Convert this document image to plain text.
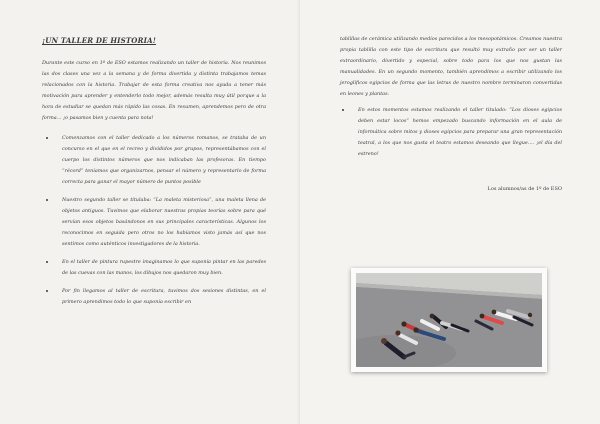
¡UN TALLER DE HISTORIA!

Durante este curso en 1º de ESO estamos realizando un taller de historia. Nos reunimos las dos clases una vez a la semana y de forma divertida y distinta trabajamos temas relacionados con la historia. Trabajar de esta forma creativa nos ayuda a tener más motivación para aprender y entenderlo todo mejor, además resulta muy útil porque a la hora de estudiar se quedan más rápido las cosas. En resumen, aprendemos pero de otra forma… ¡o pasamos bien y cuenta para nota!

• Comenzamos con el taller dedicado a los números romanos, se trataba de un concurso en el que en el recreo y divididos por grupos, representábamos con el cuerpo los distintos números que nos indicaban las profesoras. En tiempo “récord” teníamos que organizarnos, pensar el número y representarlo de forma correcta para ganar el mayor número de puntos posible
• Nuestro segundo taller se titulaba: “La maleta misteriosa”, una maleta llena de objetos antiguos. Tuvimos que elaborar nuestras propias teorías sobre para qué servían esos objetos basándonos en sus principales características. Algunos los reconocimos en seguida pero otros no los habíamos visto jamás así que nos sentimos como auténticos investigadores de la historia.
• En el taller de pintura rupestre imaginamos lo que suponía pintar en las paredes de las cuevas con las manos, los dibujos nos quedaron muy bien.
• Por fin llegamos al taller de escritura, tuvimos dos sesiones distintas, en el primero aprendimos todo lo que suponía escribir en

tablillas de cerámica utilizando medios parecidos a los mesopotámicos. Creamos nuestra propia tablilla con este tipo de escritura que resultó muy extraño por ser un taller extraordinario, divertido y especial, sobre todo para los que nos gustan las manualidades. En un segundo momento, también aprendimos a escribir utilizando los jeroglíficos egipcios de forma que las letras de nuestro nombre terminaron convertidas en leones y plantas.

• En estos momentos estamos realizando el taller titulado: “Los dioses egipcios deben estar locos” hemos empezado buscando información en el aula de informática sobre mitos y dioses egipcios para preparar una gran representación teatral, a los que nos gusta el teatro estamos deseando que llegue…. ¡el día del estreno!

Los alumnos/as de 1º de ESO
